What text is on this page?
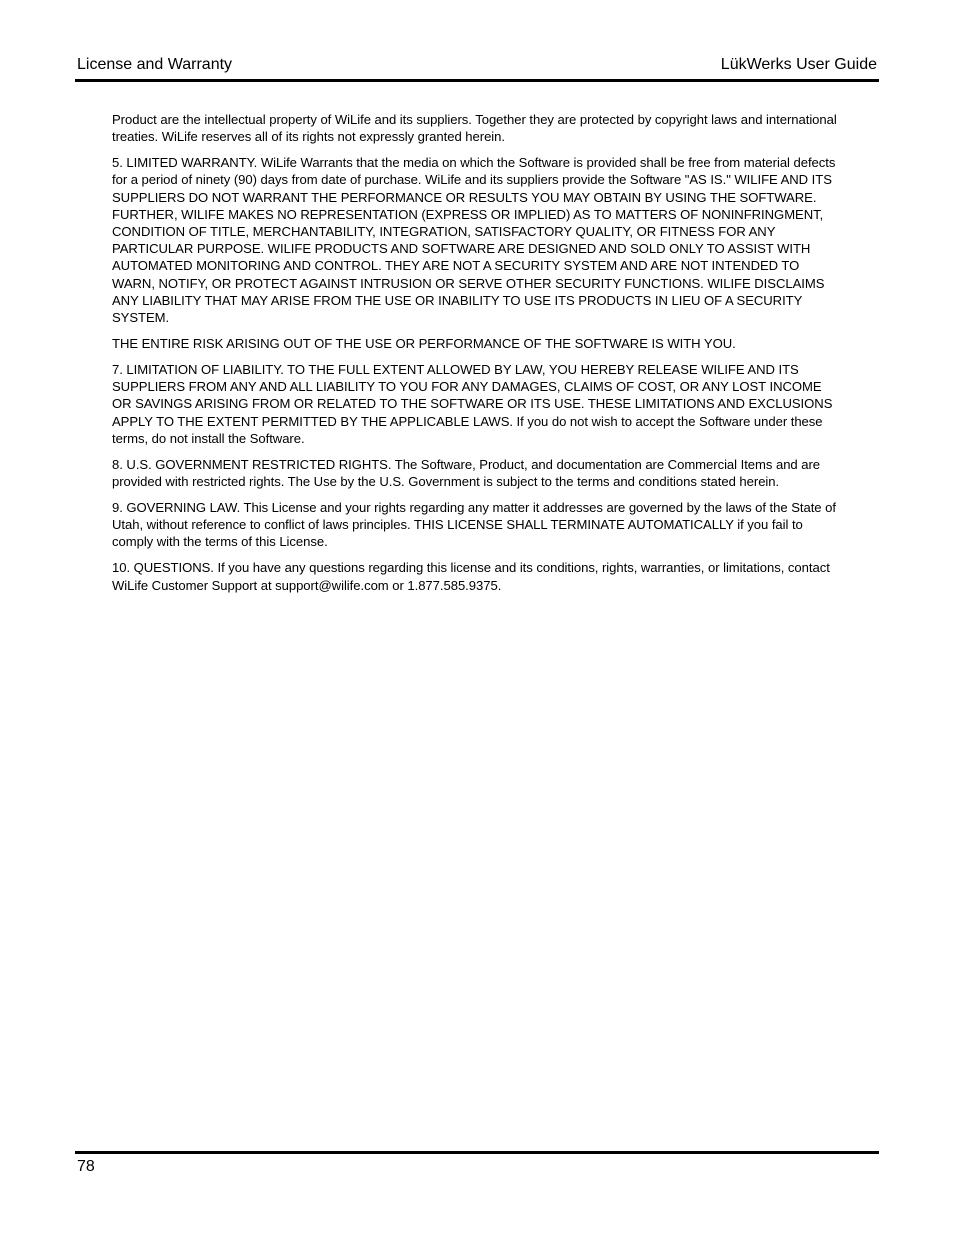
License and Warranty	LükWerks User Guide

Product are the intellectual property of WiLife and its suppliers. Together they are protected by copyright laws and international treaties. WiLife reserves all of its rights not expressly granted herein.

5. LIMITED WARRANTY. WiLife Warrants that the media on which the Software is provided shall be free from material defects for a period of ninety (90) days from date of purchase. WiLife and its suppliers provide the Software "AS IS." WILIFE AND ITS SUPPLIERS DO NOT WARRANT THE PERFORMANCE OR RESULTS YOU MAY OBTAIN BY USING THE SOFTWARE. FURTHER, WILIFE MAKES NO REPRESENTATION (EXPRESS OR IMPLIED) AS TO MATTERS OF NONINFRINGMENT, CONDITION OF TITLE, MERCHANTABILITY, INTEGRATION, SATISFACTORY QUALITY, OR FITNESS FOR ANY PARTICULAR PURPOSE. WILIFE PRODUCTS AND SOFTWARE ARE DESIGNED AND SOLD ONLY TO ASSIST WITH AUTOMATED MONITORING AND CONTROL. THEY ARE NOT A SECURITY SYSTEM AND ARE NOT INTENDED TO WARN, NOTIFY, OR PROTECT AGAINST INTRUSION OR SERVE OTHER SECURITY FUNCTIONS. WILIFE DISCLAIMS ANY LIABILITY THAT MAY ARISE FROM THE USE OR INABILITY TO USE ITS PRODUCTS IN LIEU OF A SECURITY SYSTEM.

THE ENTIRE RISK ARISING OUT OF THE USE OR PERFORMANCE OF THE SOFTWARE IS WITH YOU.

7. LIMITATION OF LIABILITY. TO THE FULL EXTENT ALLOWED BY LAW, YOU HEREBY RELEASE WILIFE AND ITS SUPPLIERS FROM ANY AND ALL LIABILITY TO YOU FOR ANY DAMAGES, CLAIMS OF COST, OR ANY LOST INCOME OR SAVINGS ARISING FROM OR RELATED TO THE SOFTWARE OR ITS USE. THESE LIMITATIONS AND EXCLUSIONS APPLY TO THE EXTENT PERMITTED BY THE APPLICABLE LAWS. If you do not wish to accept the Software under these terms, do not install the Software.

8. U.S. GOVERNMENT RESTRICTED RIGHTS. The Software, Product, and documentation are Commercial Items and are provided with restricted rights. The Use by the U.S. Government is subject to the terms and conditions stated herein.

9. GOVERNING LAW. This License and your rights regarding any matter it addresses are governed by the laws of the State of Utah, without reference to conflict of laws principles. THIS LICENSE SHALL TERMINATE AUTOMATICALLY if you fail to comply with the terms of this License.

10. QUESTIONS. If you have any questions regarding this license and its conditions, rights, warranties, or limitations, contact WiLife Customer Support at support@wilife.com or 1.877.585.9375.

78
